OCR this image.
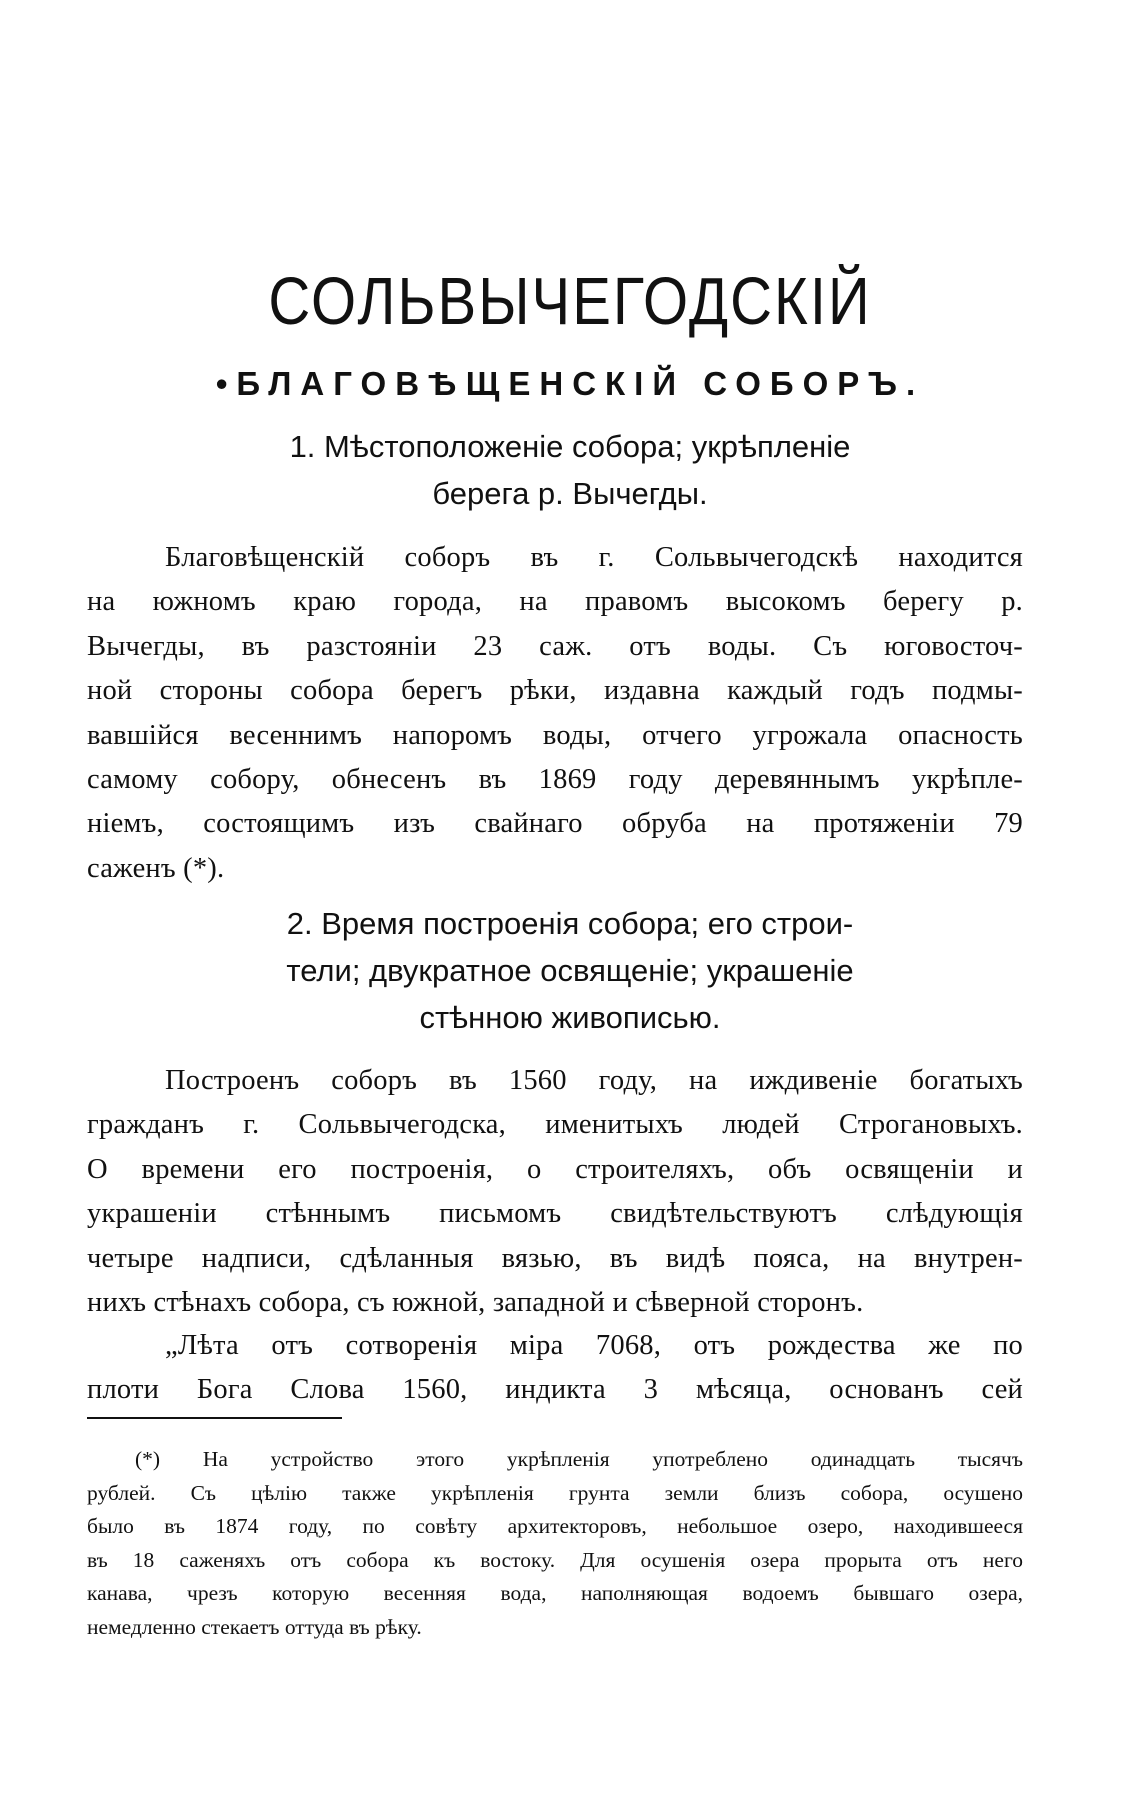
СОЛЬВЫЧЕГОДСКІЙ
•БЛАГОВѢЩЕНСКІЙ СОБОРЪ.
1. Мѣстоположеніе собора; укрѣпленіе
берега р. Вычегды.
Благовѣщенскій соборъ въ г. Сольвычегодскѣ находится
на южномъ краю города, на правомъ высокомъ берегу р.
Вычегды, въ разстояніи 23 саж. отъ воды. Съ юговосточ-
ной стороны собора берегъ рѣки, издавна каждый годъ подмы-
вавшійся весеннимъ напоромъ воды, отчего угрожала опасность
самому собору, обнесенъ въ 1869 году деревяннымъ укрѣпле-
ніемъ, состоящимъ изъ свайнаго обруба на протяженіи 79
саженъ (*).
2. Время построенія собора; его строи-
тели; двукратное освященіе; украшеніе
стѣнною живописью.
Построенъ соборъ въ 1560 году, на иждивеніе богатыхъ
гражданъ г. Сольвычегодска, именитыхъ людей Строгановыхъ.
О времени его построенія, о строителяхъ, объ освященіи и
украшеніи стѣннымъ письмомъ свидѣтельствуютъ слѣдующія
четыре надписи, сдѣланныя вязью, въ видѣ пояса, на внутрен-
нихъ стѣнахъ собора, съ южной, западной и сѣверной сторонъ.
„Лѣта отъ сотворенія міра 7068, отъ рождества же по
плоти Бога Слова 1560, индикта 3 мѣсяца, основанъ сей
(*) На устройство этого укрѣпленія употреблено одинадцать тысячъ
рублей. Съ цѣлію также укрѣпленія грунта земли близъ собора, осушено
было въ 1874 году, по совѣту архитекторовъ, небольшое озеро, находившееся
въ 18 саженяхъ отъ собора къ востоку. Для осушенія озера прорыта отъ него
канава, чрезъ которую весенняя вода, наполняющая водоемъ бывшаго озера,
немедленно стекаетъ оттуда въ рѣку.
